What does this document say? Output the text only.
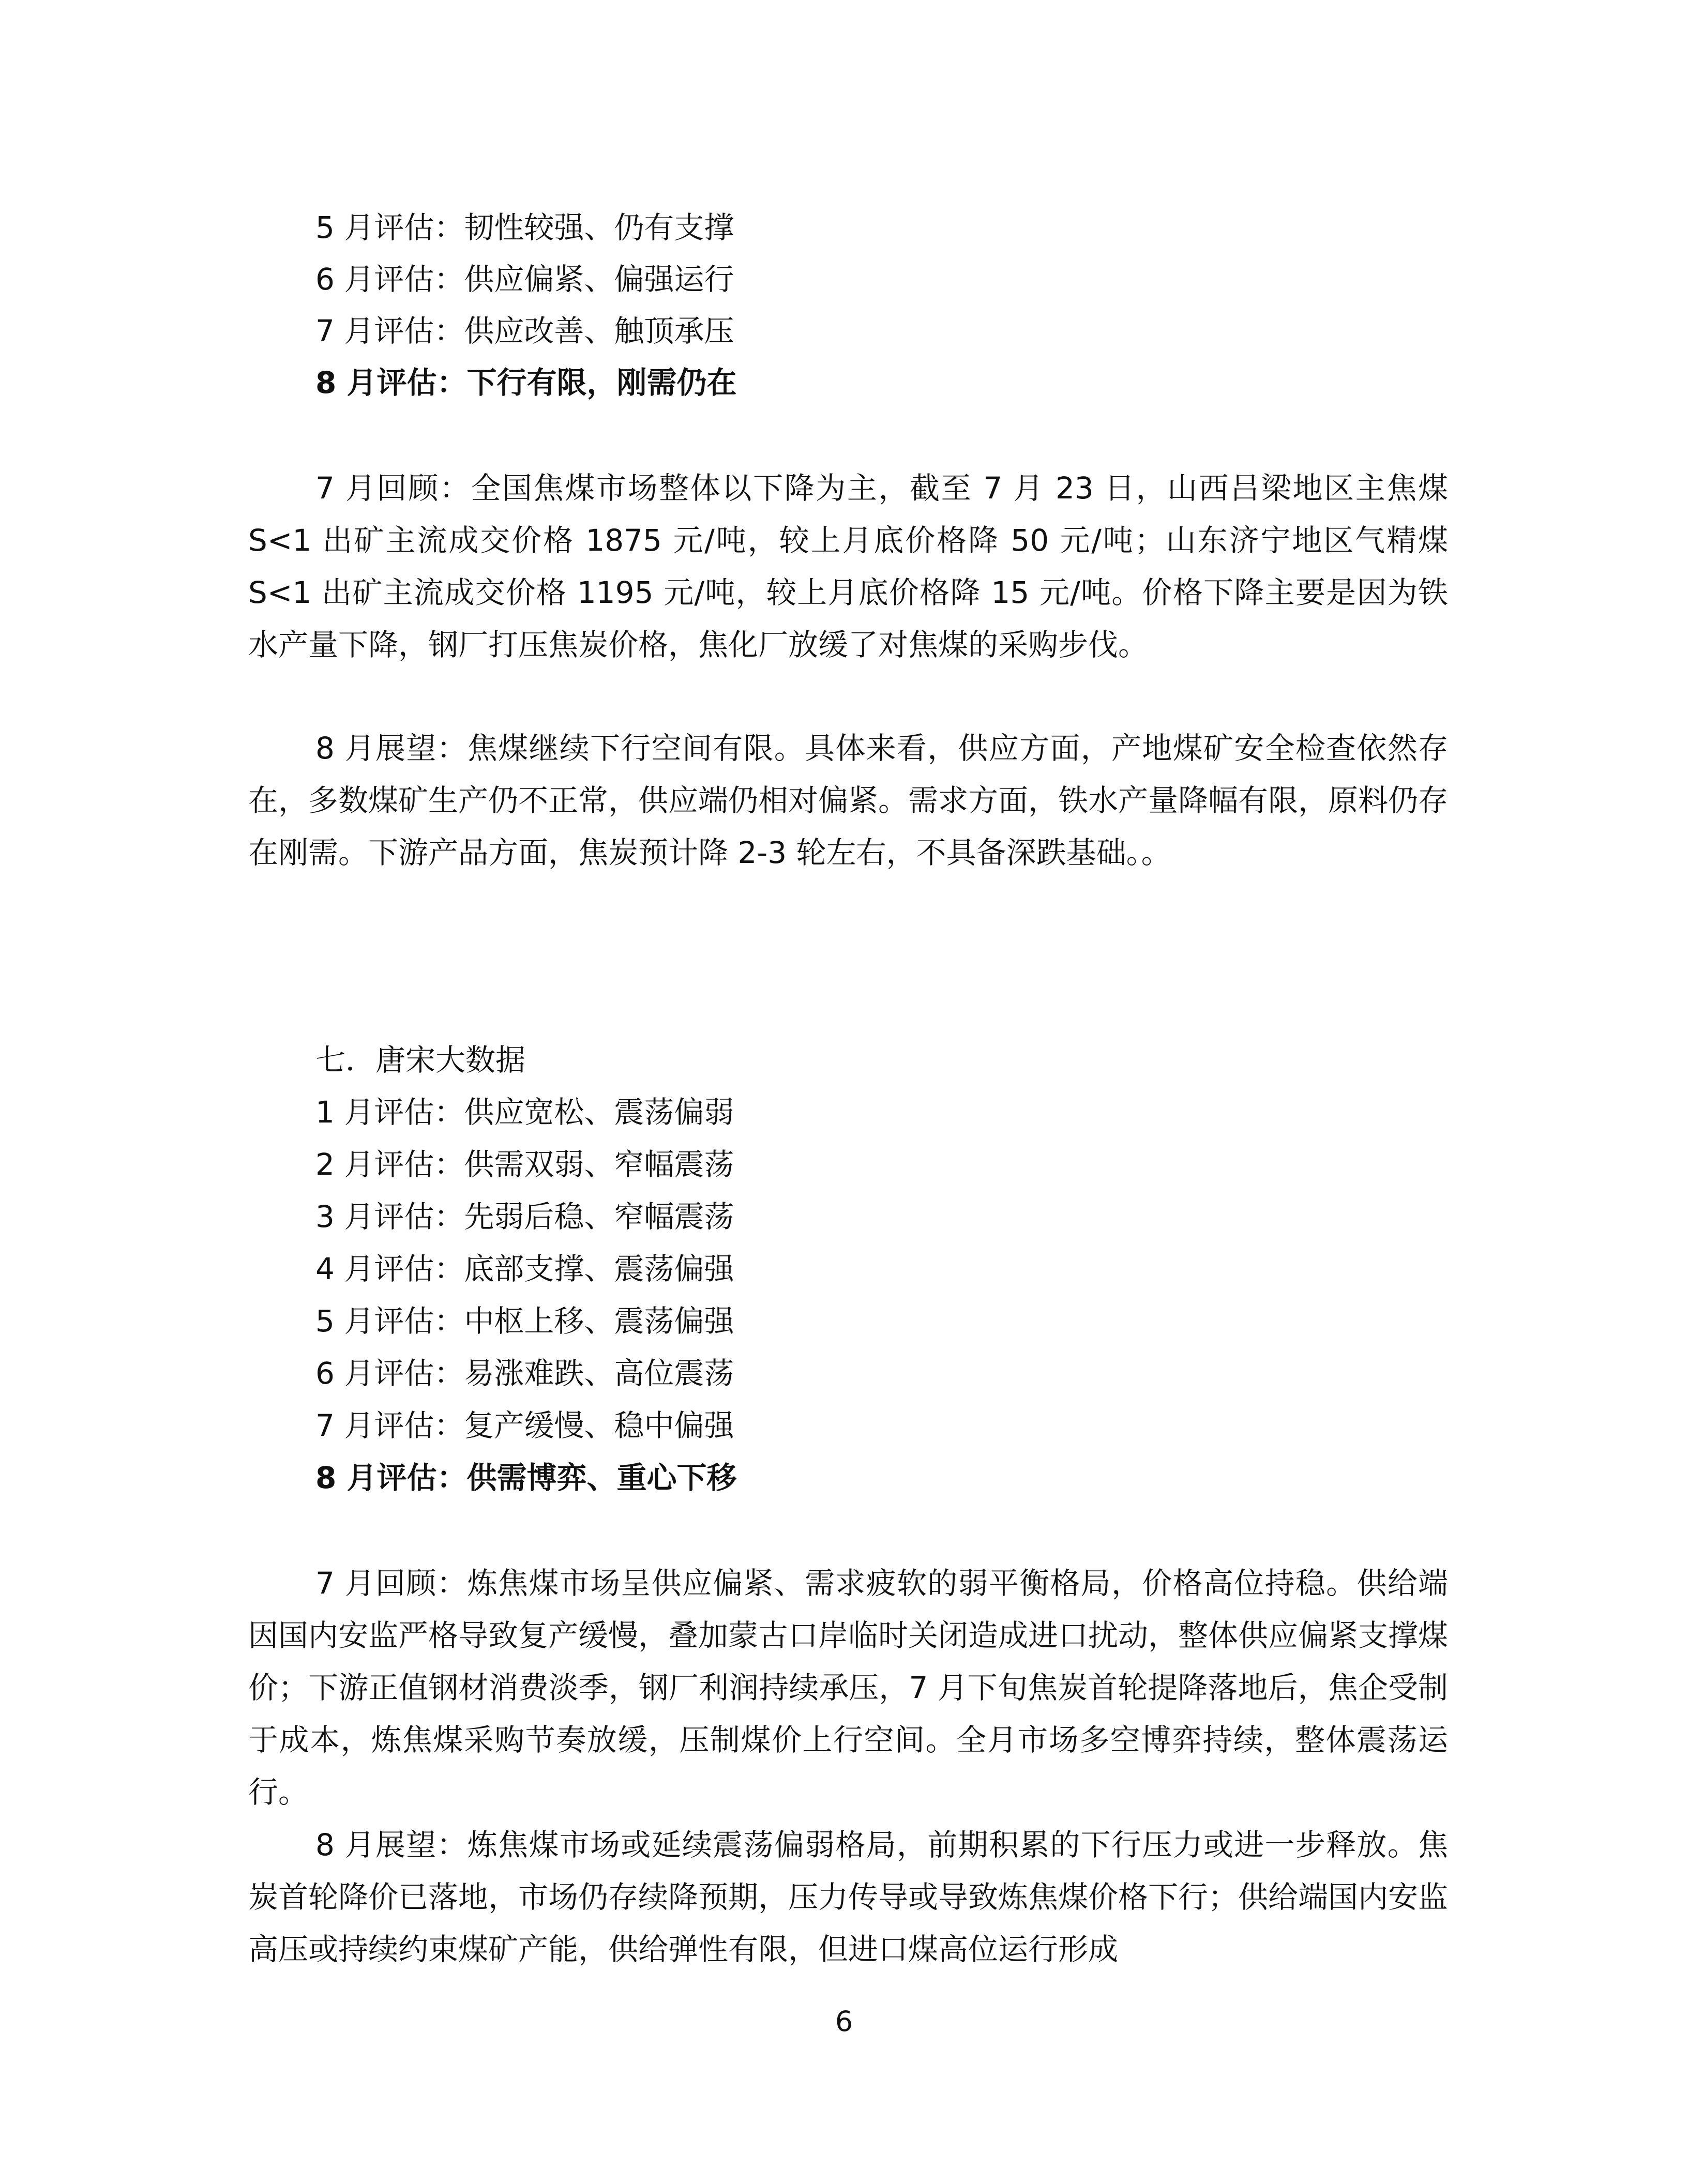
5 月评估：韧性较强、仍有支撑
6 月评估：供应偏紧、偏强运行
7 月评估：供应改善、触顶承压
8 月评估：下行有限，刚需仍在

7 月回顾：全国焦煤市场整体以下降为主，截至 7 月 23 日，山西吕梁地区主焦煤 S<1 出矿主流成交价格 1875 元/吨，较上月底价格降 50 元/吨；山东济宁地区气精煤 S<1 出矿主流成交价格 1195 元/吨，较上月底价格降 15 元/吨。价格下降主要是因为铁水产量下降，钢厂打压焦炭价格，焦化厂放缓了对焦煤的采购步伐。

8 月展望：焦煤继续下行空间有限。具体来看，供应方面，产地煤矿安全检查依然存在，多数煤矿生产仍不正常，供应端仍相对偏紧。需求方面，铁水产量降幅有限，原料仍存在刚需。下游产品方面，焦炭预计降 2-3 轮左右，不具备深跌基础。。

七．唐宋大数据
1 月评估：供应宽松、震荡偏弱
2 月评估：供需双弱、窄幅震荡
3 月评估：先弱后稳、窄幅震荡
4 月评估：底部支撑、震荡偏强
5 月评估：中枢上移、震荡偏强
6 月评估：易涨难跌、高位震荡
7 月评估：复产缓慢、稳中偏强
8 月评估：供需博弈、重心下移

7 月回顾：炼焦煤市场呈供应偏紧、需求疲软的弱平衡格局，价格高位持稳。供给端因国内安监严格导致复产缓慢，叠加蒙古口岸临时关闭造成进口扰动，整体供应偏紧支撑煤价；下游正值钢材消费淡季，钢厂利润持续承压，7 月下旬焦炭首轮提降落地后，焦企受制于成本，炼焦煤采购节奏放缓，压制煤价上行空间。全月市场多空博弈持续，整体震荡运行。

8 月展望：炼焦煤市场或延续震荡偏弱格局，前期积累的下行压力或进一步释放。焦炭首轮降价已落地，市场仍存续降预期，压力传导或导致炼焦煤价格下行；供给端国内安监高压或持续约束煤矿产能，供给弹性有限，但进口煤高位运行形成

6
